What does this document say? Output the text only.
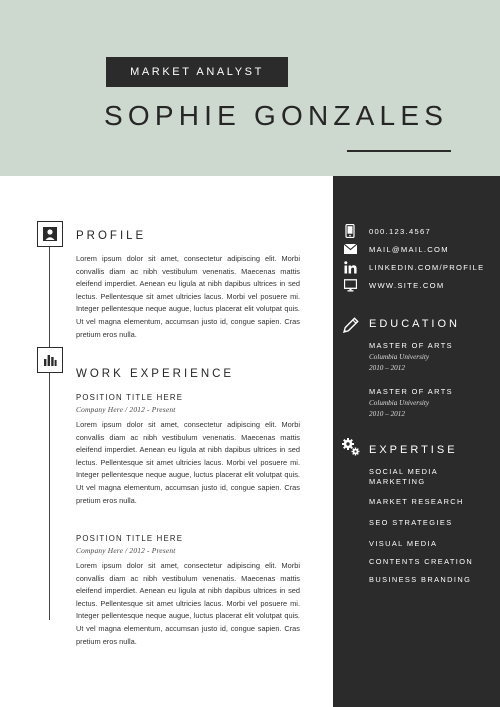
MARKET ANALYST
SOPHIE GONZALES
PROFILE
Lorem ipsum dolor sit amet, consectetur adipiscing elit. Morbi convallis diam ac nibh vestibulum venenatis. Maecenas mattis eleifend imperdiet. Aenean eu ligula at nibh dapibus ultrices in sed lectus. Pellentesque sit amet ultricies lacus. Morbi vel posuere mi. Integer pellentesque neque augue, luctus placerat elit volutpat quis. Ut vel magna elementum, accumsan justo id, congue sapien. Cras pretium eros nulla.
WORK EXPERIENCE
POSITION TITLE HERE
Company Here / 2012 - Present
Lorem ipsum dolor sit amet, consectetur adipiscing elit. Morbi convallis diam ac nibh vestibulum venenatis. Maecenas mattis eleifend imperdiet. Aenean eu ligula at nibh dapibus ultrices in sed lectus. Pellentesque sit amet ultricies lacus. Morbi vel posuere mi. Integer pellentesque neque augue, luctus placerat elit volutpat quis. Ut vel magna elementum, accumsan justo id, congue sapien. Cras pretium eros nulla.
POSITION TITLE HERE
Company Here / 2012 - Present
Lorem ipsum dolor sit amet, consectetur adipiscing elit. Morbi convallis diam ac nibh vestibulum venenatis. Maecenas mattis eleifend imperdiet. Aenean eu ligula at nibh dapibus ultrices in sed lectus. Pellentesque sit amet ultricies lacus. Morbi vel posuere mi. Integer pellentesque neque augue, luctus placerat elit volutpat quis. Ut vel magna elementum, accumsan justo id, congue sapien. Cras pretium eros nulla.
000.123.4567
MAIL@MAIL.COM
LINKEDIN.COM/PROFILE
WWW.SITE.COM
EDUCATION
MASTER OF ARTS
Columbia University
2010 – 2012
MASTER OF ARTS
Columbia University
2010 – 2012
EXPERTISE
SOCIAL MEDIA MARKETING
MARKET RESEARCH
SEO STRATEGIES
VISUAL MEDIA
CONTENTS CREATION
BUSINESS BRANDING
